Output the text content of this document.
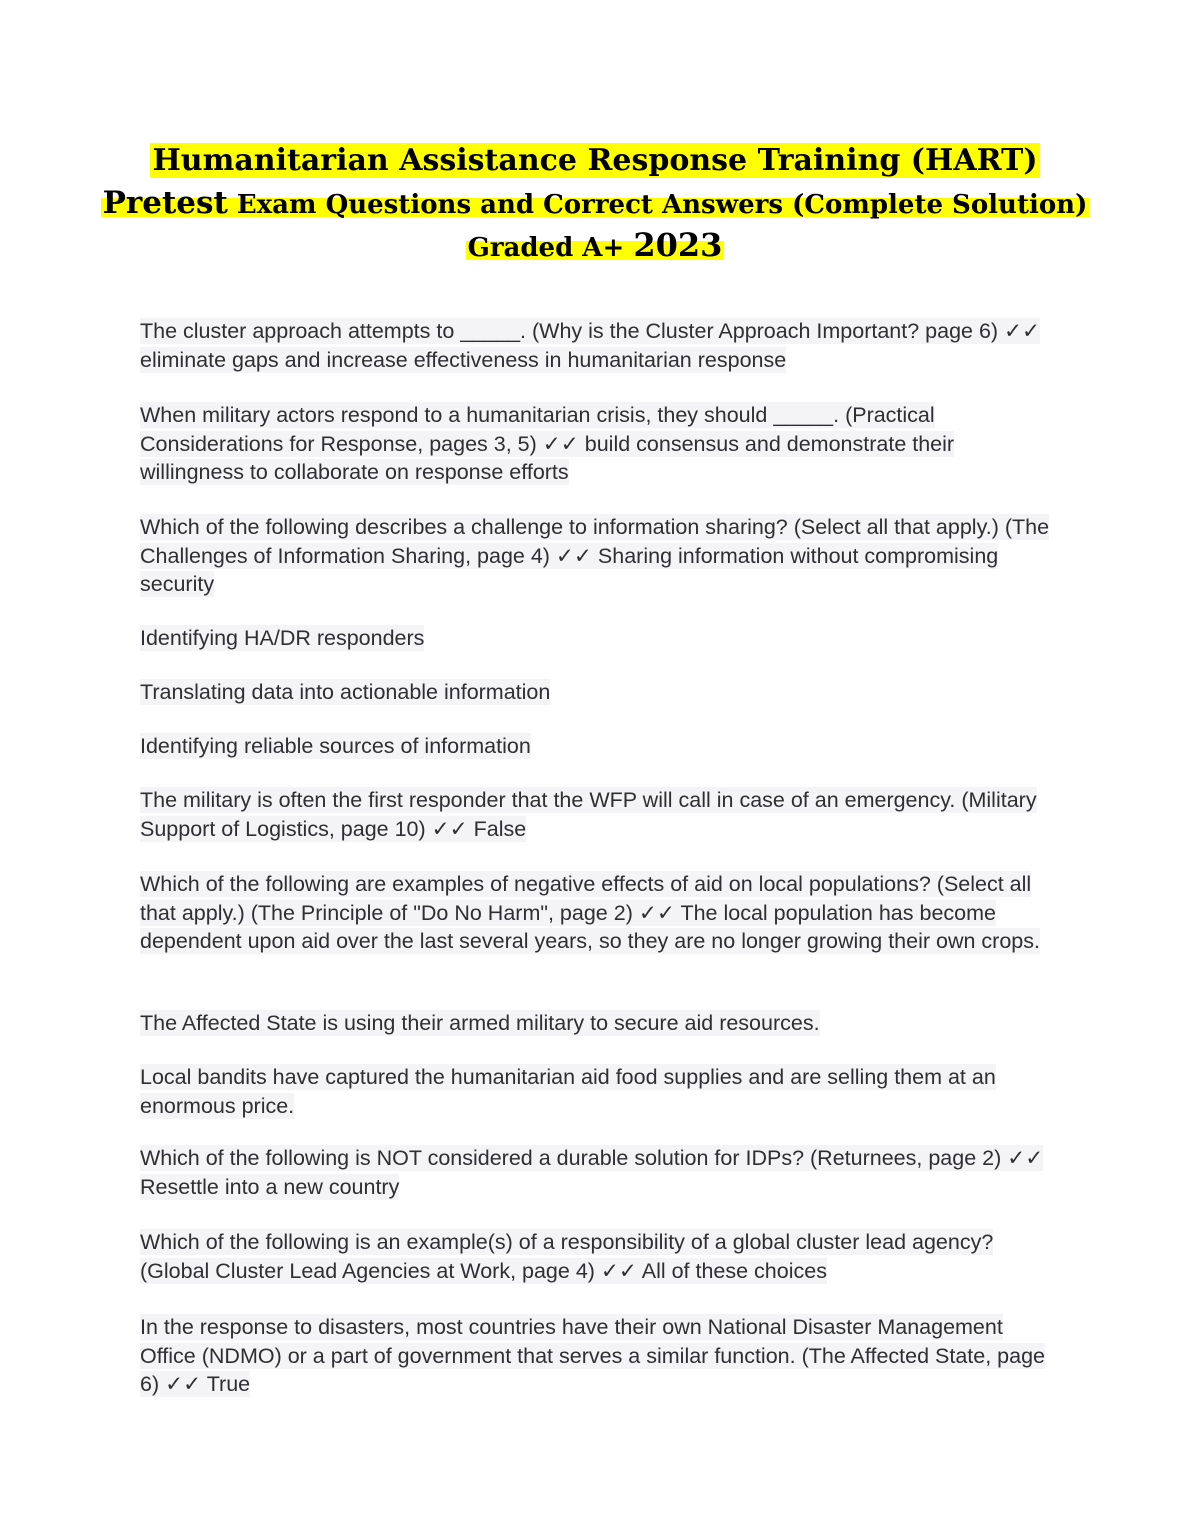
Humanitarian Assistance Response Training (HART)
Pretest Exam Questions and Correct Answers (Complete Solution)
Graded A+ 2023
The cluster approach attempts to _____. (Why is the Cluster Approach Important? page 6) ✓✓ eliminate gaps and increase effectiveness in humanitarian response
When military actors respond to a humanitarian crisis, they should _____. (Practical Considerations for Response, pages 3, 5) ✓✓ build consensus and demonstrate their willingness to collaborate on response efforts
Which of the following describes a challenge to information sharing? (Select all that apply.) (The Challenges of Information Sharing, page 4) ✓✓ Sharing information without compromising security
Identifying HA/DR responders
Translating data into actionable information
Identifying reliable sources of information
The military is often the first responder that the WFP will call in case of an emergency. (Military Support of Logistics, page 10) ✓✓ False
Which of the following are examples of negative effects of aid on local populations? (Select all that apply.) (The Principle of "Do No Harm", page 2) ✓✓ The local population has become dependent upon aid over the last several years, so they are no longer growing their own crops.
The Affected State is using their armed military to secure aid resources.
Local bandits have captured the humanitarian aid food supplies and are selling them at an enormous price.
Which of the following is NOT considered a durable solution for IDPs? (Returnees, page 2) ✓✓ Resettle into a new country
Which of the following is an example(s) of a responsibility of a global cluster lead agency? (Global Cluster Lead Agencies at Work, page 4) ✓✓ All of these choices
In the response to disasters, most countries have their own National Disaster Management Office (NDMO) or a part of government that serves a similar function. (The Affected State, page 6) ✓✓ True
